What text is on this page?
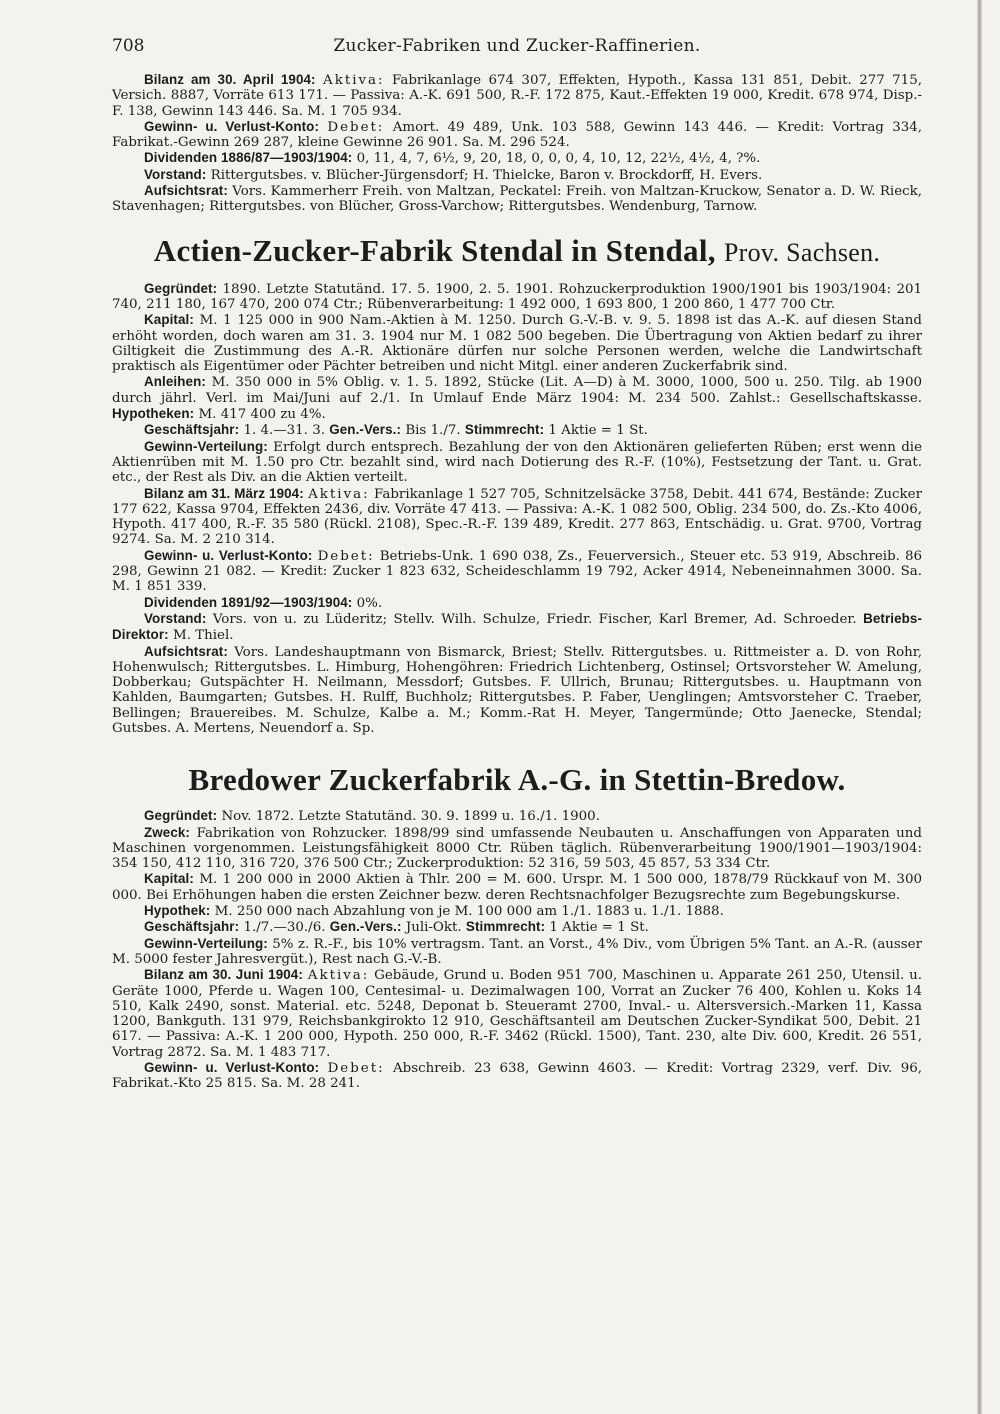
708	Zucker-Fabriken und Zucker-Raffinerien.

Bilanz am 30. April 1904: Aktiva: Fabrikanlage 674 307, Effekten, Hypoth., Kassa 131 851, Debit. 277 715, Versich. 8887, Vorräte 613 171. — Passiva: A.-K. 691 500, R.-F. 172 875, Kaut.-Effekten 19 000, Kredit. 678 974, Disp.-F. 138, Gewinn 143 446. Sa. M. 1 705 934.

Gewinn- u. Verlust-Konto: Debet: Amort. 49 489, Unk. 103 588, Gewinn 143 446. — Kredit: Vortrag 334, Fabrikat.-Gewinn 269 287, kleine Gewinne 26 901. Sa. M. 296 524.

Dividenden 1886/87—1903/1904: 0, 11, 4, 7, 6½, 9, 20, 18, 0, 0, 0, 4, 10, 12, 22½, 4½, 4, ?%.

Vorstand: Rittergutsbes. v. Blücher-Jürgensdorf; H. Thielcke, Baron v. Brockdorff, H. Evers.

Aufsichtsrat: Vors. Kammerherr Freih. von Maltzan, Peckatel: Freih. von Maltzan-Kruckow, Senator a. D. W. Rieck, Stavenhagen; Rittergutsbes. von Blücher, Gross-Varchow; Rittergutsbes. Wendenburg, Tarnow.

Actien-Zucker-Fabrik Stendal in Stendal, Prov. Sachsen.

Gegründet: 1890. Letzte Statutänd. 17. 5. 1900, 2. 5. 1901. Rohzuckerproduktion 1900/1901 bis 1903/1904: 201 740, 211 180, 167 470, 200 074 Ctr.; Rübenverarbeitung: 1 492 000, 1 693 800, 1 200 860, 1 477 700 Ctr.

Kapital: M. 1 125 000 in 900 Nam.-Aktien à M. 1250. Durch G.-V.-B. v. 9. 5. 1898 ist das A.-K. auf diesen Stand erhöht worden, doch waren am 31. 3. 1904 nur M. 1 082 500 begeben. Die Übertragung von Aktien bedarf zu ihrer Giltigkeit die Zustimmung des A.-R. Aktionäre dürfen nur solche Personen werden, welche die Landwirtschaft praktisch als Eigentümer oder Pächter betreiben und nicht Mitgl. einer anderen Zuckerfabrik sind.

Anleihen: M. 350 000 in 5% Oblig. v. 1. 5. 1892, Stücke (Lit. A—D) à M. 3000, 1000, 500 u. 250. Tilg. ab 1900 durch jährl. Verl. im Mai/Juni auf 2./1. In Umlauf Ende März 1904: M. 234 500. Zahlst.: Gesellschaftskasse. Hypotheken: M. 417 400 zu 4%.

Geschäftsjahr: 1. 4.—31. 3. Gen.-Vers.: Bis 1./7. Stimmrecht: 1 Aktie = 1 St.

Gewinn-Verteilung: Erfolgt durch entsprech. Bezahlung der von den Aktionären gelieferten Rüben; erst wenn die Aktienrüben mit M. 1.50 pro Ctr. bezahlt sind, wird nach Dotierung des R.-F. (10%), Festsetzung der Tant. u. Grat. etc., der Rest als Div. an die Aktien verteilt.

Bilanz am 31. März 1904: Aktiva: Fabrikanlage 1 527 705, Schnitzelsäcke 3758, Debit. 441 674, Bestände: Zucker 177 622, Kassa 9704, Effekten 2436, div. Vorräte 47 413. — Passiva: A.-K. 1 082 500, Oblig. 234 500, do. Zs.-Kto 4006, Hypoth. 417 400, R.-F. 35 580 (Rückl. 2108), Spec.-R.-F. 139 489, Kredit. 277 863, Entschädig. u. Grat. 9700, Vortrag 9274. Sa. M. 2 210 314.

Gewinn- u. Verlust-Konto: Debet: Betriebs-Unk. 1 690 038, Zs., Feuerversich., Steuer etc. 53 919, Abschreib. 86 298, Gewinn 21 082. — Kredit: Zucker 1 823 632, Scheideschlamm 19 792, Acker 4914, Nebeneinnahmen 3000. Sa. M. 1 851 339.

Dividenden 1891/92—1903/1904: 0%.

Vorstand: Vors. von u. zu Lüderitz; Stellv. Wilh. Schulze, Friedr. Fischer, Karl Bremer, Ad. Schroeder. Betriebs-Direktor: M. Thiel.

Aufsichtsrat: Vors. Landeshauptmann von Bismarck, Briest; Stellv. Rittergutsbes. u. Rittmeister a. D. von Rohr, Hohenwulsch; Rittergutsbes. L. Himburg, Hohengöhren: Friedrich Lichtenberg, Ostinsel; Ortsvorsteher W. Amelung, Dobberkau; Gutspächter H. Neilmann, Messdorf; Gutsbes. F. Ullrich, Brunau; Rittergutsbes. u. Hauptmann von Kahlden, Baumgarten; Gutsbes. H. Rulff, Buchholz; Rittergutsbes. P. Faber, Uenglingen; Amtsvorsteher C. Traeber, Bellingen; Brauereibes. M. Schulze, Kalbe a. M.; Komm.-Rat H. Meyer, Tangermünde; Otto Jaenecke, Stendal; Gutsbes. A. Mertens, Neuendorf a. Sp.

Bredower Zuckerfabrik A.-G. in Stettin-Bredow.

Gegründet: Nov. 1872. Letzte Statutänd. 30. 9. 1899 u. 16./1. 1900.

Zweck: Fabrikation von Rohzucker. 1898/99 sind umfassende Neubauten u. Anschaffungen von Apparaten und Maschinen vorgenommen. Leistungsfähigkeit 8000 Ctr. Rüben täglich. Rübenverarbeitung 1900/1901—1903/1904: 354 150, 412 110, 316 720, 376 500 Ctr.; Zuckerproduktion: 52 316, 59 503, 45 857, 53 334 Ctr.

Kapital: M. 1 200 000 in 2000 Aktien à Thlr. 200 = M. 600. Urspr. M. 1 500 000, 1878/79 Rückkauf von M. 300 000. Bei Erhöhungen haben die ersten Zeichner bezw. deren Rechtsnachfolger Bezugsrechte zum Begebungskurse.

Hypothek: M. 250 000 nach Abzahlung von je M. 100 000 am 1./1. 1883 u. 1./1. 1888.

Geschäftsjahr: 1./7.—30./6. Gen.-Vers.: Juli-Okt. Stimmrecht: 1 Aktie = 1 St.

Gewinn-Verteilung: 5% z. R.-F., bis 10% vertragsm. Tant. an Vorst., 4% Div., vom Übrigen 5% Tant. an A.-R. (ausser M. 5000 fester Jahresvergüt.), Rest nach G.-V.-B.

Bilanz am 30. Juni 1904: Aktiva: Gebäude, Grund u. Boden 951 700, Maschinen u. Apparate 261 250, Utensil. u. Geräte 1000, Pferde u. Wagen 100, Centesimal- u. Dezimalwagen 100, Vorrat an Zucker 76 400, Kohlen u. Koks 14 510, Kalk 2490, sonst. Material. etc. 5248, Deponat b. Steueramt 2700, Inval.- u. Altersversich.-Marken 11, Kassa 1200, Bankguth. 131 979, Reichsbankgirokto 12 910, Geschäftsanteil am Deutschen Zucker-Syndikat 500, Debit. 21 617. — Passiva: A.-K. 1 200 000, Hypoth. 250 000, R.-F. 3462 (Rückl. 1500), Tant. 230, alte Div. 600, Kredit. 26 551, Vortrag 2872. Sa. M. 1 483 717.

Gewinn- u. Verlust-Konto: Debet: Abschreib. 23 638, Gewinn 4603. — Kredit: Vortrag 2329, verf. Div. 96, Fabrikat.-Kto 25 815. Sa. M. 28 241.
